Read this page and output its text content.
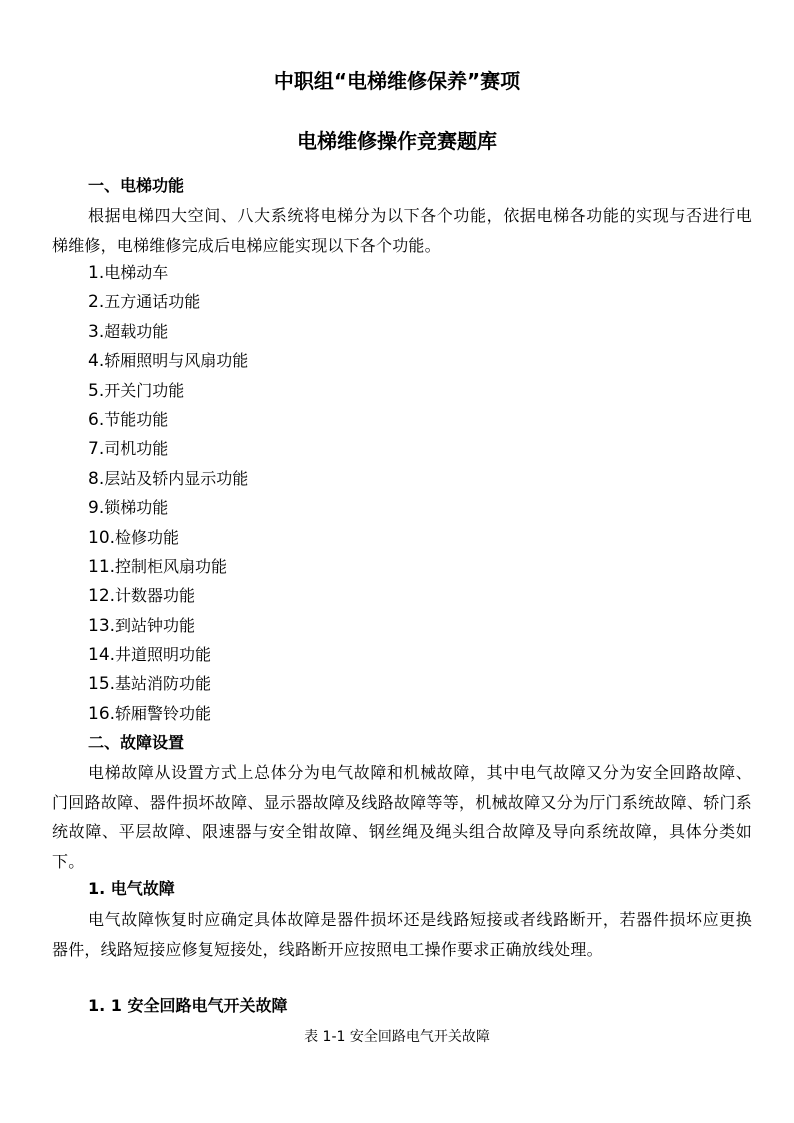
中职组“电梯维修保养”赛项
电梯维修操作竞赛题库
一、电梯功能

根据电梯四大空间、八大系统将电梯分为以下各个功能，依据电梯各功能的实现与否进行电梯维修，电梯维修完成后电梯应能实现以下各个功能。

1.电梯动车
2.五方通话功能
3.超载功能
4.轿厢照明与风扇功能
5.开关门功能
6.节能功能
7.司机功能
8.层站及轿内显示功能
9.锁梯功能
10.检修功能
11.控制柜风扇功能
12.计数器功能
13.到站钟功能
14.井道照明功能
15.基站消防功能
16.轿厢警铃功能
二、故障设置

电梯故障从设置方式上总体分为电气故障和机械故障，其中电气故障又分为安全回路故障、门回路故障、器件损坏故障、显示器故障及线路故障等等，机械故障又分为厅门系统故障、轿门系统故障、平层故障、限速器与安全钳故障、钢丝绳及绳头组合故障及导向系统故障，具体分类如下。

1. 电气故障

电气故障恢复时应确定具体故障是器件损坏还是线路短接或者线路断开，若器件损坏应更换器件，线路短接应修复短接处，线路断开应按照电工操作要求正确放线处理。

1. 1 安全回路电气开关故障
表 1-1 安全回路电气开关故障
